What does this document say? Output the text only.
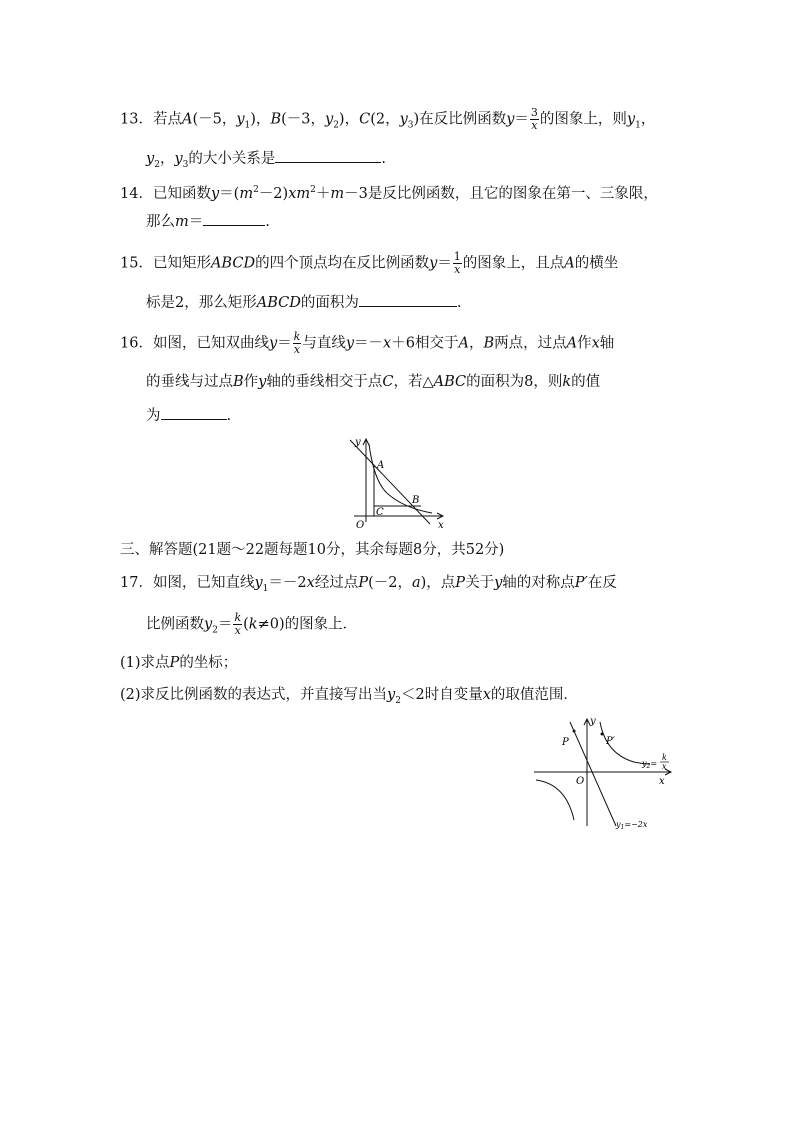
13．若点A(－5，$y_1$)，B(－3，$y_2$)，C(2，$y_3$)在反比例函数$y= \frac{3}{x}$ 的图象上，则$y_1$，
$y_2$，$y_3$的大小关系是	.
14．已知函数$y=(m^2-2)xm^2+m-3$是反比例函数，且它的图象在第一、三象限，
那么m＝	.
15．已知矩形ABCD的四个顶点均在反比例函数$y= \frac{1}{x}$ 的图象上，且点A的横坐
标是2，那么矩形ABCD的面积为	.
16．如图，已知双曲线$y= \frac{k}{x}$ 与直线y＝－x＋6相交于A，B两点，过点A作x轴
的垂线与过点B作y轴的垂线相交于点C，若△ABC的面积为8，则k的值
为	.
y
x
O
A
B
C
三、解答题(21题～22题每题10分，其余每题8分，共52分)
17．如图，已知直线$y_1=-2x$经过点P(－2，a)，点P关于y轴的对称点P′在反
比例函数$y_2= \frac{k}{x} (k\ne 0)$的图象上．
(1)求点P的坐标；
(2)求反比例函数的表达式，并直接写出当$y_2<2$时自变量x的取值范围．
y
x
O
P	P′
$y_2=$
k
x
$y_1=-2x$
